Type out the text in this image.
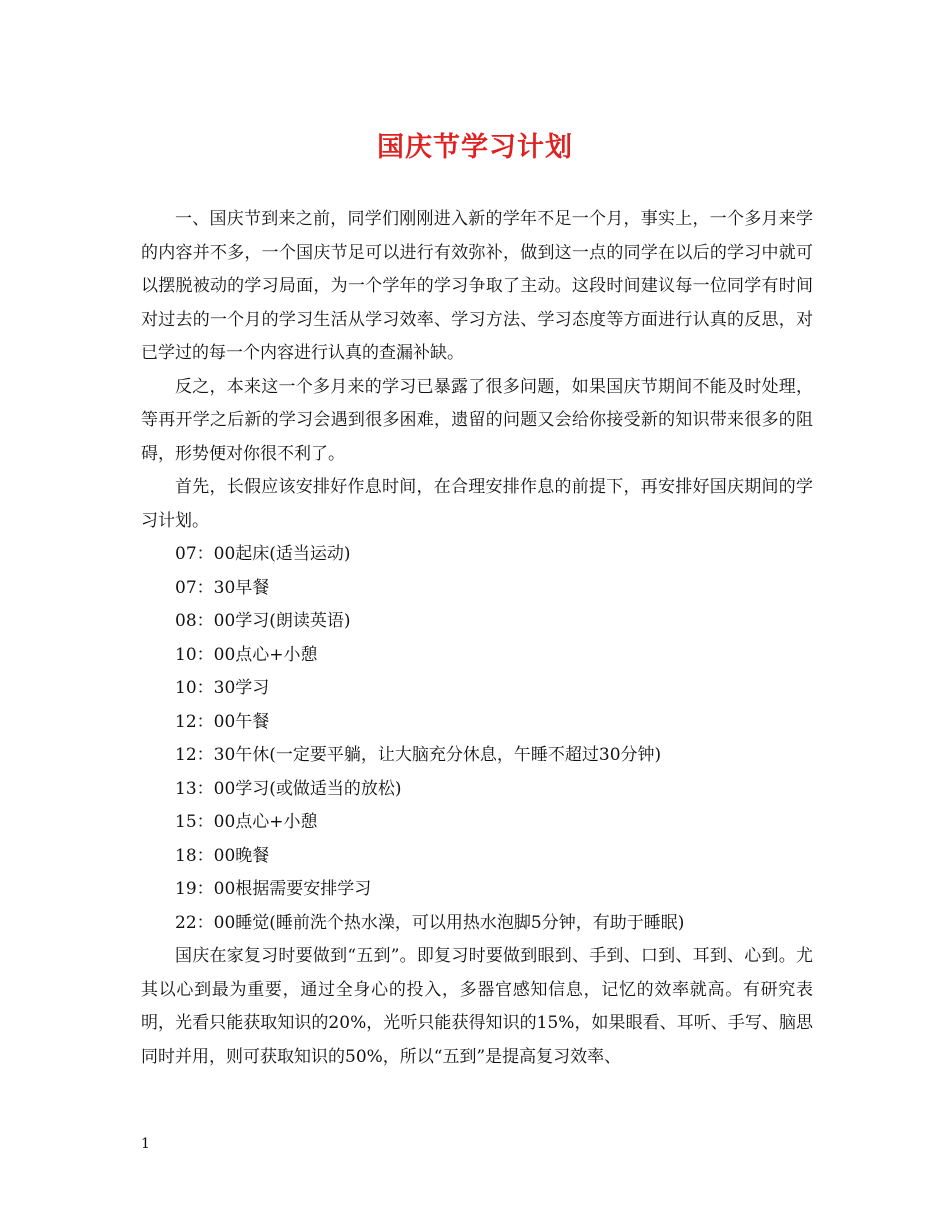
国庆节学习计划

一、国庆节到来之前，同学们刚刚进入新的学年不足一个月，事实上，一个多月来学的内容并不多，一个国庆节足可以进行有效弥补，做到这一点的同学在以后的学习中就可以摆脱被动的学习局面，为一个学年的学习争取了主动。这段时间建议每一位同学有时间对过去的一个月的学习生活从学习效率、学习方法、学习态度等方面进行认真的反思，对已学过的每一个内容进行认真的查漏补缺。

反之，本来这一个多月来的学习已暴露了很多问题，如果国庆节期间不能及时处理，等再开学之后新的学习会遇到很多困难，遗留的问题又会给你接受新的知识带来很多的阻碍，形势便对你很不利了。

首先，长假应该安排好作息时间，在合理安排作息的前提下，再安排好国庆期间的学习计划。

07：00起床(适当运动)

07：30早餐

08：00学习(朗读英语)

10：00点心+小憩

10：30学习

12：00午餐

12：30午休(一定要平躺，让大脑充分休息，午睡不超过30分钟)

13：00学习(或做适当的放松)

15：00点心+小憩

18：00晚餐

19：00根据需要安排学习

22：00睡觉(睡前洗个热水澡，可以用热水泡脚5分钟，有助于睡眠)

国庆在家复习时要做到“五到”。即复习时要做到眼到、手到、口到、耳到、心到。尤其以心到最为重要，通过全身心的投入，多器官感知信息，记忆的效率就高。有研究表明，光看只能获取知识的20%，光听只能获得知识的15%，如果眼看、耳听、手写、脑思同时并用，则可获取知识的50%，所以“五到”是提高复习效率、

1
